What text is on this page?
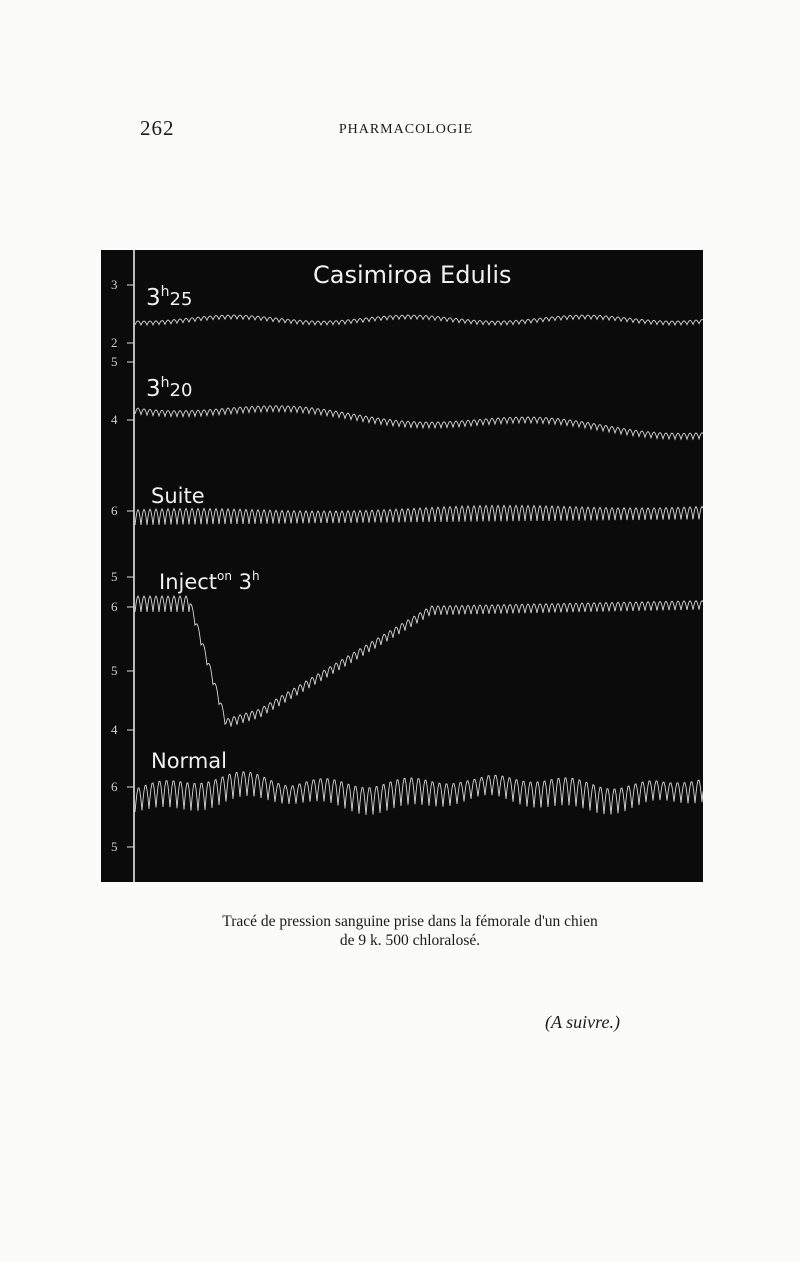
262	PHARMACOLOGIE
3
2
5
4
6
5
6
5
4
6
5
Casimiroa Edulis
$3^h_{25}$
$3^h_{20}$
Suite
Inject$^{on}$ 3$^h$
Normal
Tracé de pression sanguine prise dans la fémorale d'un chien
de 9 k. 500 chloralosé.
(A suivre.)
